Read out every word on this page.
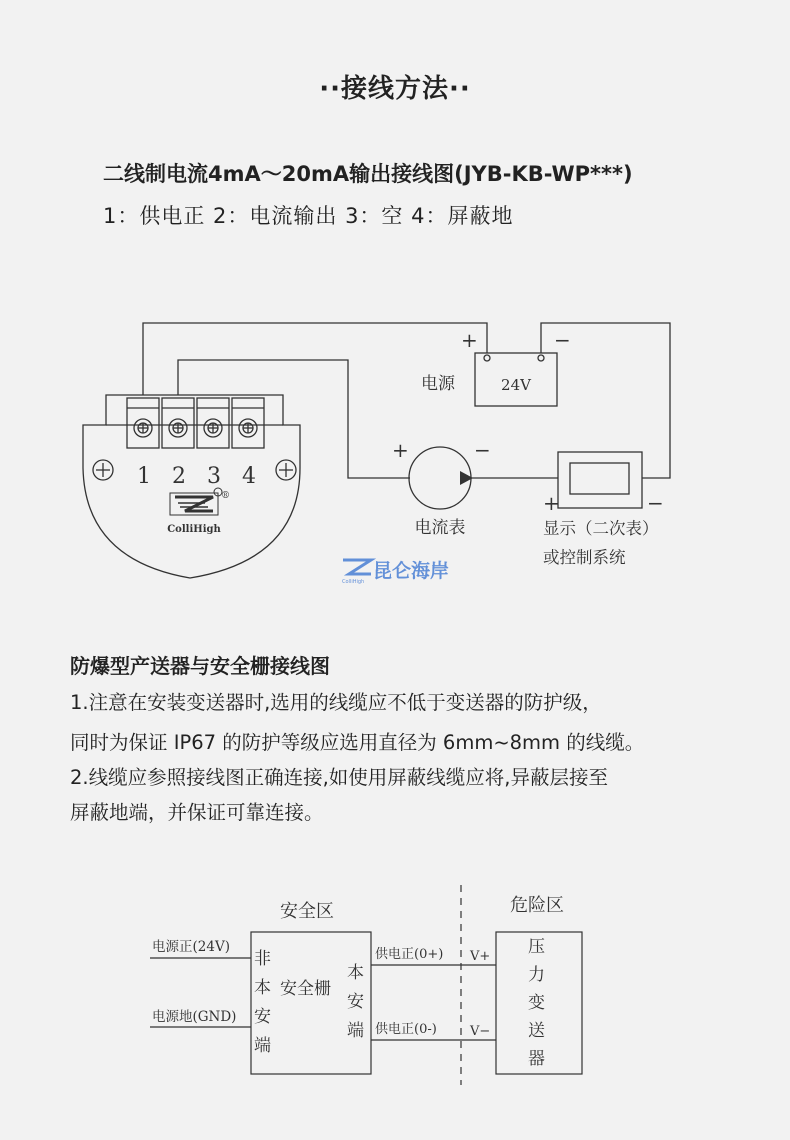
··接线方法··
二线制电流4mA～20mA输出接线图(JYB-KB-WP***)
1：供电正 2：电流输出 3：空 4：屏蔽地
1 2 3 4
®
ColliHigh
+	−
电源	24V
+	−
电流表
+	−
显示（二次表）
或控制系统
昆仑海岸
ColliHigh
安全区	危险区
电源正(24V)
电源地(GND)
非
本
安
端
安全栅
本
安
端
供电正(0+)
供电正(0-)
V+
V−
压
力
变
送
器
防爆型产送器与安全栅接线图
1.注意在安装变送器时,选用的线缆应不低于变送器的防护级，
同时为保证 IP67 的防护等级应选用直径为 6mm~8mm 的线缆。
2.线缆应参照接线图正确连接,如使用屏蔽线缆应将,异蔽层接至
屏蔽地端，并保证可靠连接。
